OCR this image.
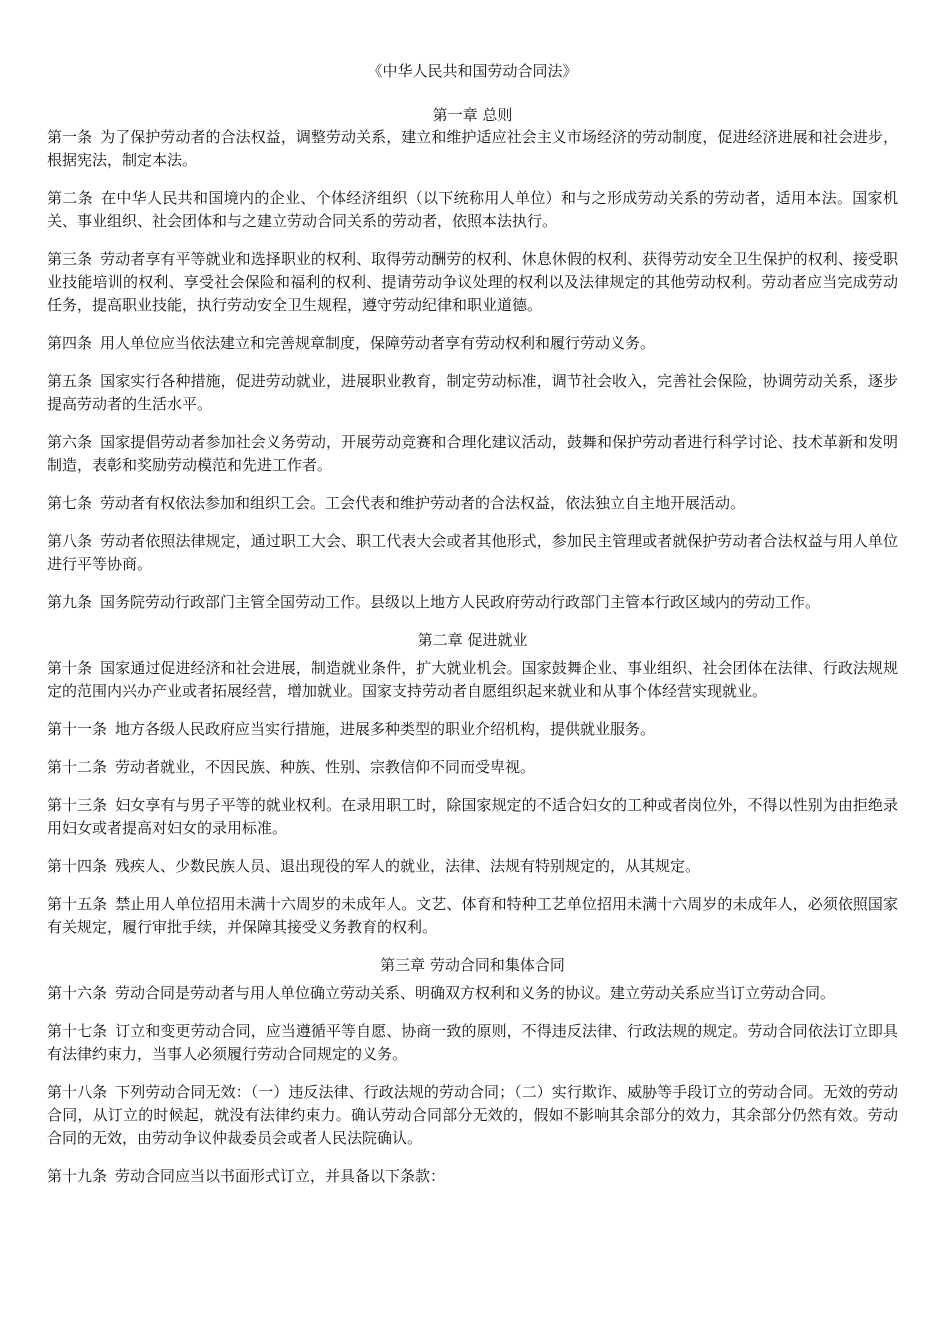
《中华人民共和国劳动合同法》
第一章 总则

第一条 为了保护劳动者的合法权益，调整劳动关系，建立和维护适应社会主义市场经济的劳动制度，促进经济进展和社会进步，根据宪法，制定本法。

第二条 在中华人民共和国境内的企业、个体经济组织（以下统称用人单位）和与之形成劳动关系的劳动者，适用本法。国家机关、事业组织、社会团体和与之建立劳动合同关系的劳动者，依照本法执行。

第三条 劳动者享有平等就业和选择职业的权利、取得劳动酬劳的权利、休息休假的权利、获得劳动安全卫生保护的权利、接受职业技能培训的权利、享受社会保险和福利的权利、提请劳动争议处理的权利以及法律规定的其他劳动权利。劳动者应当完成劳动任务，提高职业技能，执行劳动安全卫生规程，遵守劳动纪律和职业道德。

第四条 用人单位应当依法建立和完善规章制度，保障劳动者享有劳动权利和履行劳动义务。

第五条 国家实行各种措施，促进劳动就业，进展职业教育，制定劳动标准，调节社会收入，完善社会保险，协调劳动关系，逐步提高劳动者的生活水平。

第六条 国家提倡劳动者参加社会义务劳动，开展劳动竞赛和合理化建议活动，鼓舞和保护劳动者进行科学讨论、技术革新和发明制造，表彰和奖励劳动模范和先进工作者。

第七条 劳动者有权依法参加和组织工会。工会代表和维护劳动者的合法权益，依法独立自主地开展活动。

第八条 劳动者依照法律规定，通过职工大会、职工代表大会或者其他形式，参加民主管理或者就保护劳动者合法权益与用人单位进行平等协商。

第九条 国务院劳动行政部门主管全国劳动工作。县级以上地方人民政府劳动行政部门主管本行政区域内的劳动工作。

第二章 促进就业

第十条 国家通过促进经济和社会进展，制造就业条件，扩大就业机会。国家鼓舞企业、事业组织、社会团体在法律、行政法规规定的范围内兴办产业或者拓展经营，增加就业。国家支持劳动者自愿组织起来就业和从事个体经营实现就业。

第十一条 地方各级人民政府应当实行措施，进展多种类型的职业介绍机构，提供就业服务。

第十二条 劳动者就业，不因民族、种族、性别、宗教信仰不同而受卑视。

第十三条 妇女享有与男子平等的就业权利。在录用职工时，除国家规定的不适合妇女的工种或者岗位外，不得以性别为由拒绝录用妇女或者提高对妇女的录用标准。

第十四条 残疾人、少数民族人员、退出现役的军人的就业，法律、法规有特别规定的，从其规定。

第十五条 禁止用人单位招用未满十六周岁的未成年人。文艺、体育和特种工艺单位招用未满十六周岁的未成年人，必须依照国家有关规定，履行审批手续，并保障其接受义务教育的权利。

第三章 劳动合同和集体合同

第十六条 劳动合同是劳动者与用人单位确立劳动关系、明确双方权利和义务的协议。建立劳动关系应当订立劳动合同。

第十七条 订立和变更劳动合同，应当遵循平等自愿、协商一致的原则，不得违反法律、行政法规的规定。劳动合同依法订立即具有法律约束力，当事人必须履行劳动合同规定的义务。

第十八条 下列劳动合同无效：（一）违反法律、行政法规的劳动合同；（二）实行欺诈、威胁等手段订立的劳动合同。无效的劳动合同，从订立的时候起，就没有法律约束力。确认劳动合同部分无效的，假如不影响其余部分的效力，其余部分仍然有效。劳动合同的无效，由劳动争议仲裁委员会或者人民法院确认。

第十九条 劳动合同应当以书面形式订立，并具备以下条款：
